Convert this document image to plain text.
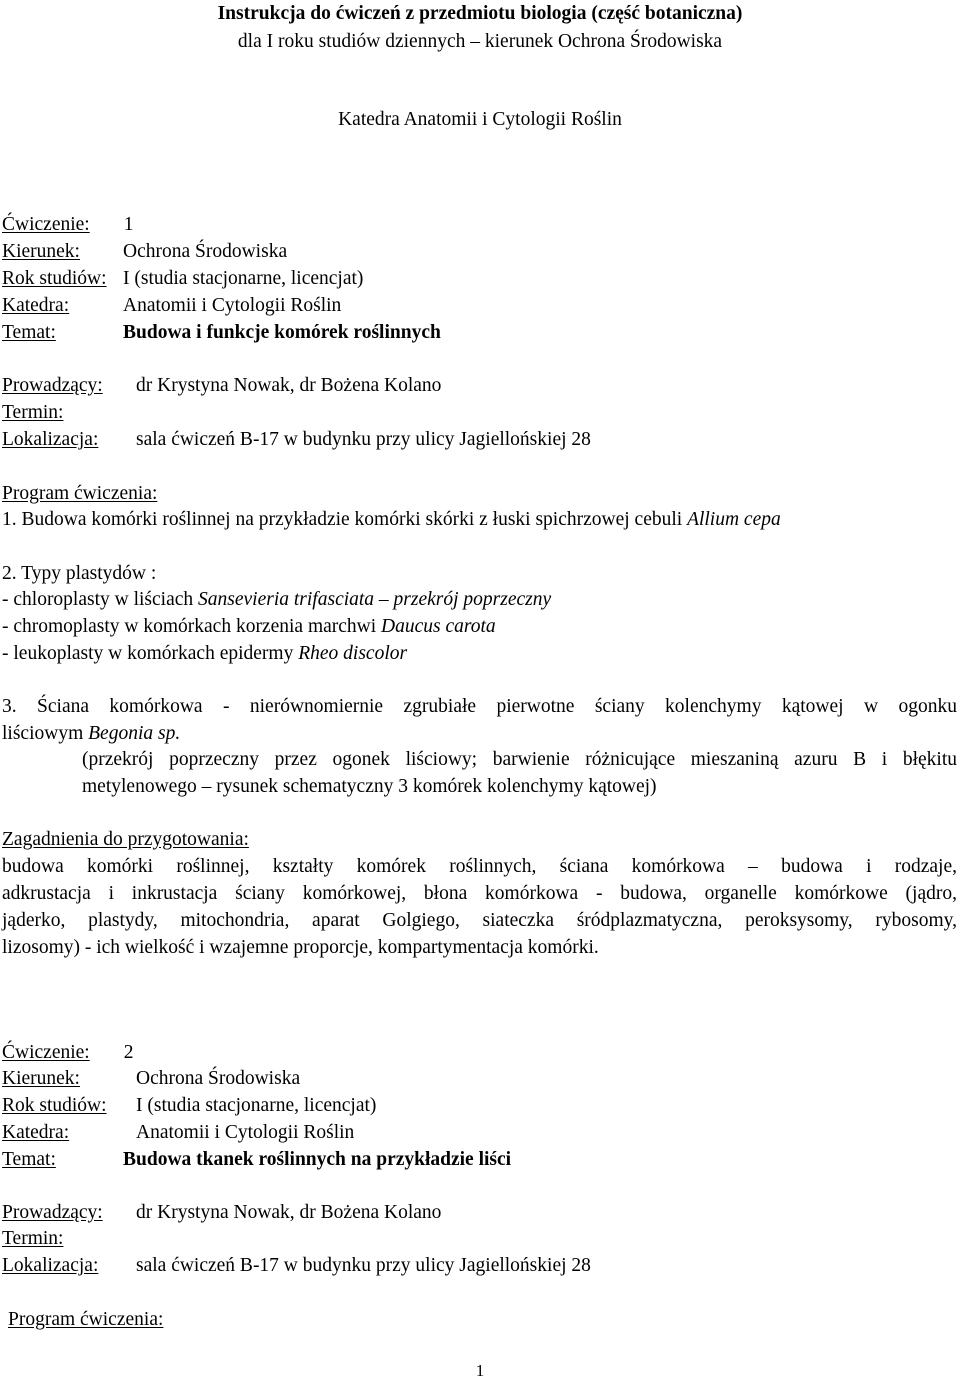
Instrukcja do ćwiczeń z przedmiotu biologia (część botaniczna)
dla I roku studiów dziennych – kierunek Ochrona Środowiska
Katedra Anatomii i Cytologii Roślin
Ćwiczenie: 1
Kierunek: Ochrona Środowiska
Rok studiów: I (studia stacjonarne, licencjat)
Katedra:	Anatomii i Cytologii Roślin
Temat:	Budowa i funkcje komórek roślinnych
Prowadzący: dr Krystyna Nowak, dr Bożena Kolano
Termin:
Lokalizacja: sala ćwiczeń B-17 w budynku przy ulicy Jagiellońskiej 28
Program ćwiczenia:
1. Budowa komórki roślinnej na przykładzie komórki skórki z łuski spichrzowej cebuli Allium cepa
2. Typy plastydów :
- chloroplasty w liściach Sansevieria trifasciata – przekrój poprzeczny
- chromoplasty w komórkach korzenia marchwi Daucus carota
- leukoplasty w komórkach epidermy Rheo discolor
3. Ściana komórkowa - nierównomiernie zgrubiałe pierwotne ściany kolenchymy kątowej w ogonku
liściowym Begonia sp.
(przekrój poprzeczny przez ogonek liściowy; barwienie różnicujące mieszaniną azuru B i błękitu
metylenowego – rysunek schematyczny 3 komórek kolenchymy kątowej)
Zagadnienia do przygotowania:
budowa komórki roślinnej, kształty komórek roślinnych, ściana komórkowa – budowa i rodzaje,
adkrustacja i inkrustacja ściany komórkowej, błona komórkowa - budowa, organelle komórkowe (jądro,
jąderko, plastydy, mitochondria, aparat Golgiego, siateczka śródplazmatyczna, peroksysomy, rybosomy,
lizosomy) - ich wielkość i wzajemne proporcje, kompartymentacja komórki.
Ćwiczenie: 2
Kierunek:	Ochrona Środowiska
Rok studiów: I (studia stacjonarne, licencjat)
Katedra:	Anatomii i Cytologii Roślin
Temat:	Budowa tkanek roślinnych na przykładzie liści
Prowadzący: dr Krystyna Nowak, dr Bożena Kolano
Termin:
Lokalizacja: sala ćwiczeń B-17 w budynku przy ulicy Jagiellońskiej 28
Program ćwiczenia:
1
